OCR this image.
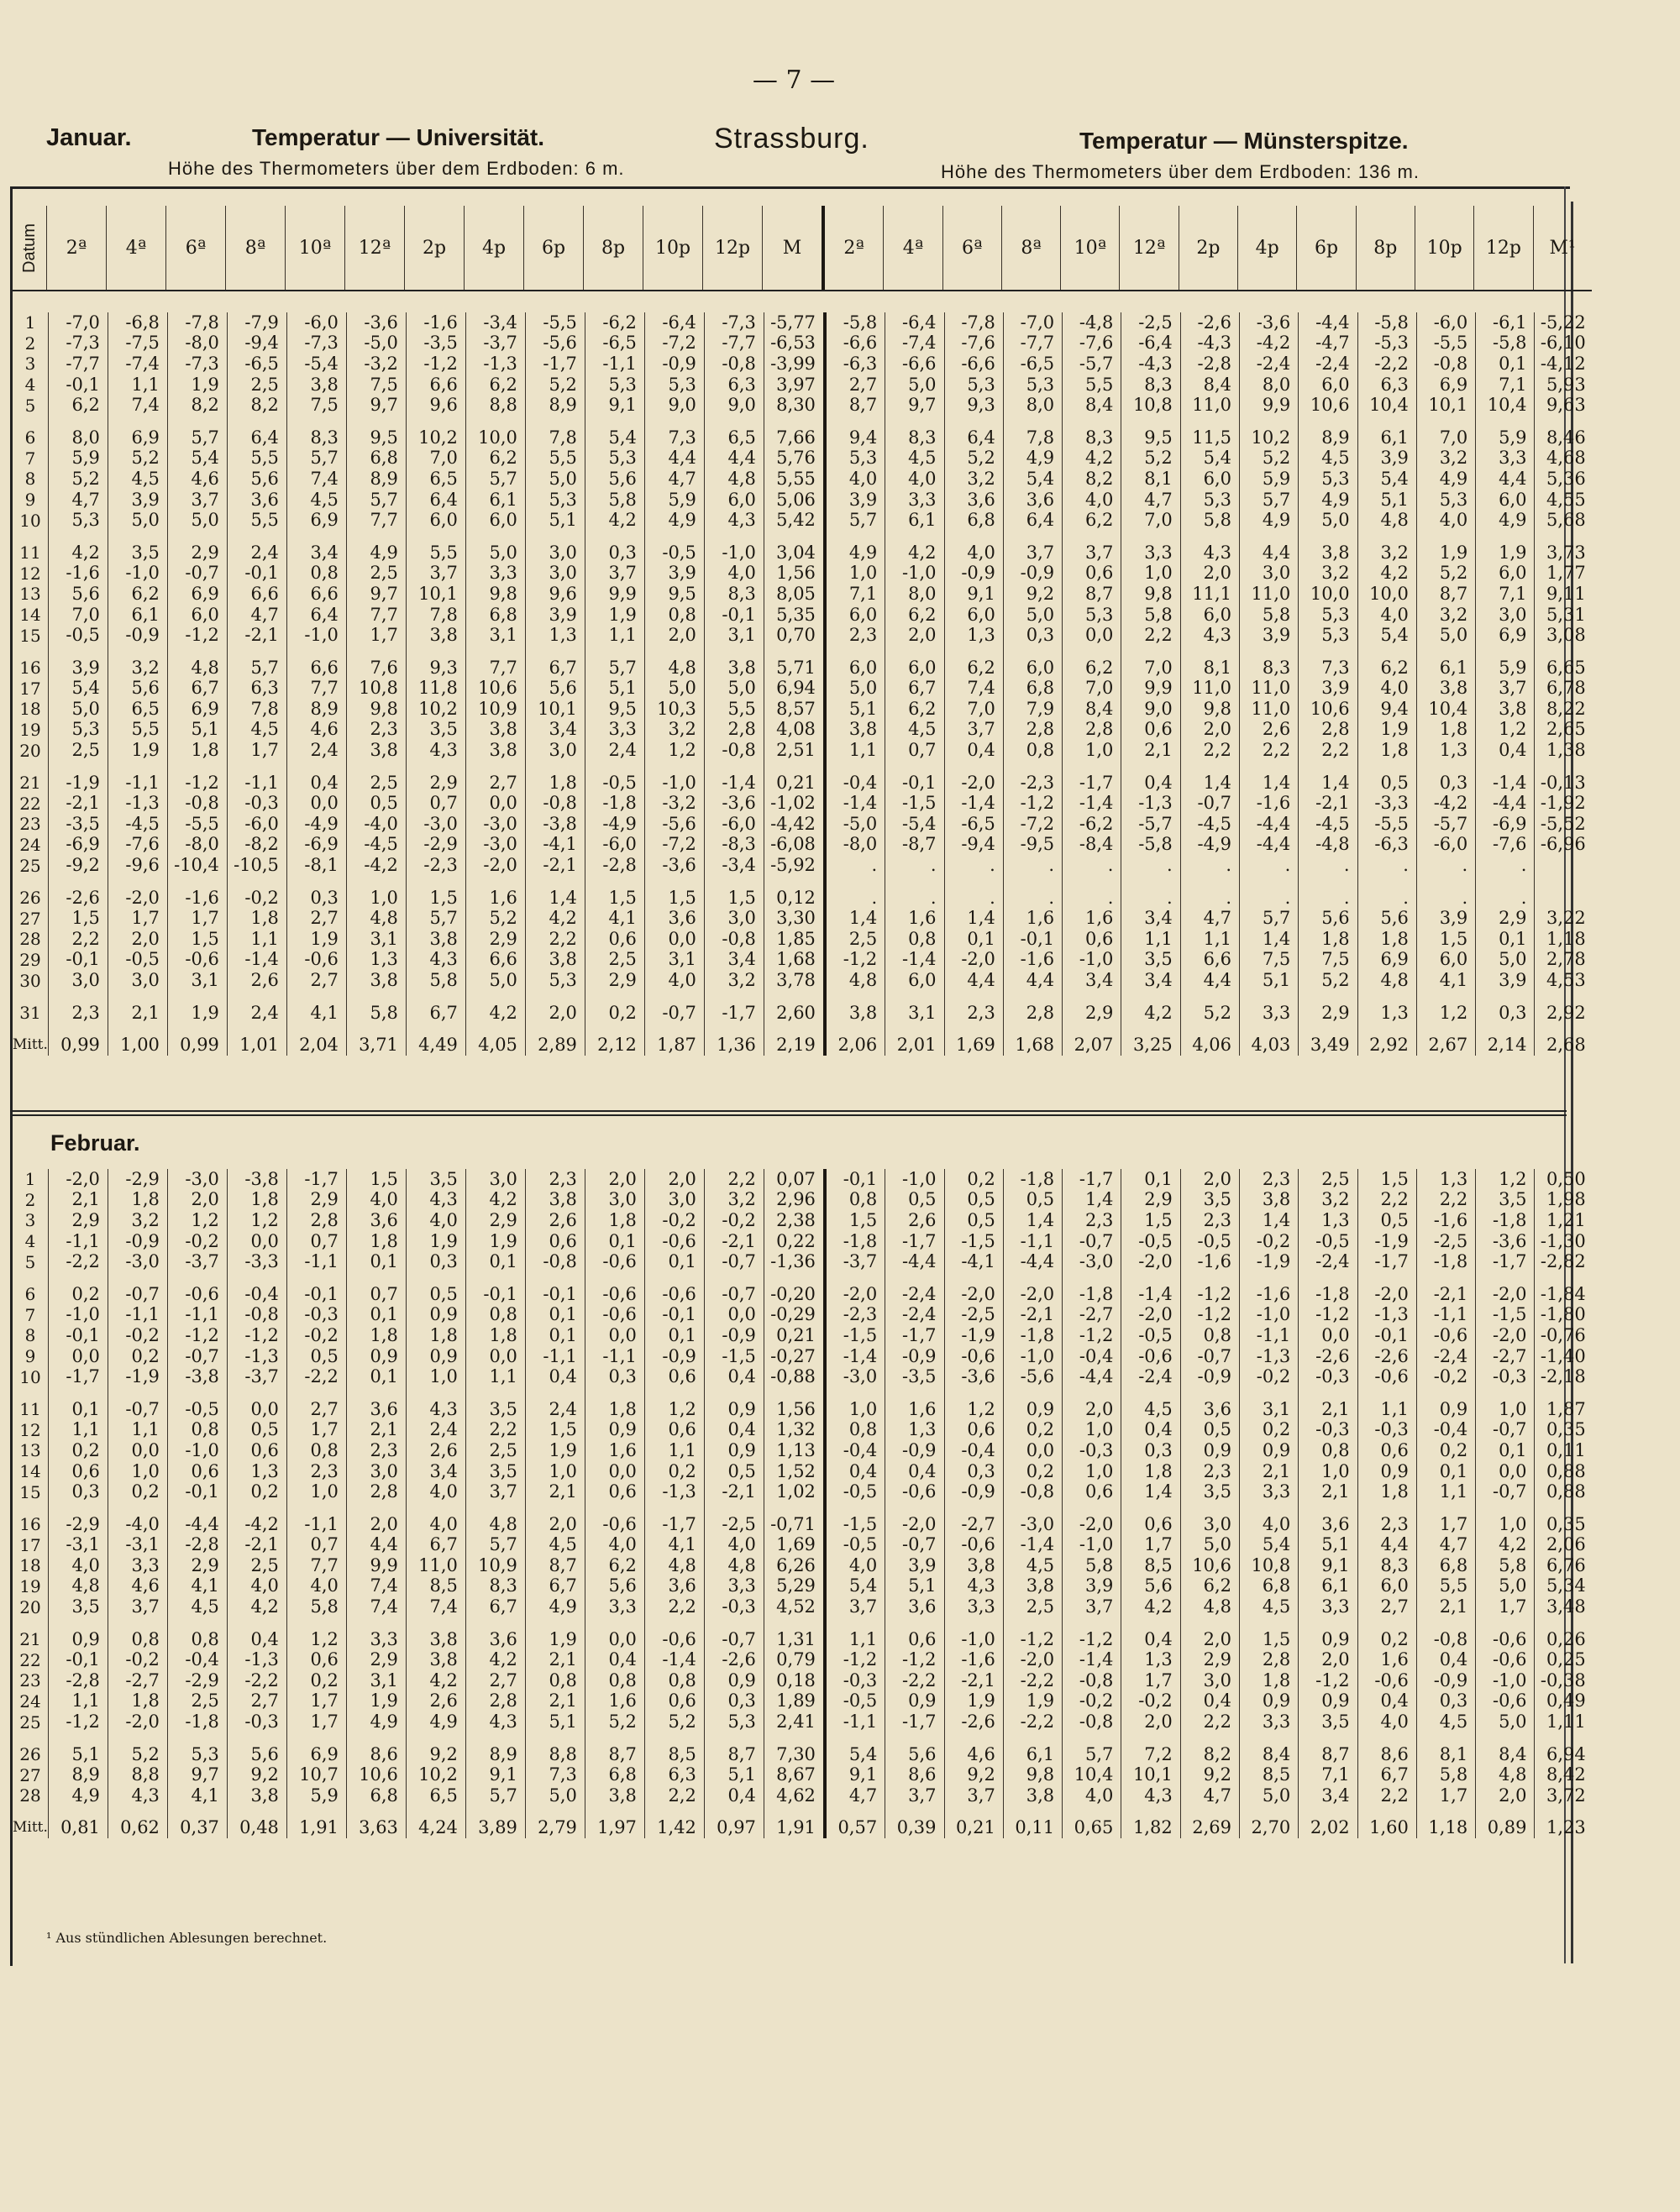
— 7 —
Januar.	Temperatur — Universität.	Strassburg.	Temperatur — Münsterspitze.
Höhe des Thermometers über dem Erdboden: 6 m.	Höhe des Thermometers über dem Erdboden: 136 m.
Datum	2ª	4ª	6ª	8ª	10ª	12ª	2p	4p	6p	8p	10p	12p	M	2ª	4ª	6ª	8ª	10ª	12ª	2p	4p	6p	8p	10p	12p	M¹
1	-7,0	-6,8	-7,8	-7,9	-6,0	-3,6	-1,6	-3,4	-5,5	-6,2	-6,4	-7,3	-5,77	-5,8	-6,4	-7,8	-7,0	-4,8	-2,5	-2,6	-3,6	-4,4	-5,8	-6,0	-6,1	-5,22
2	-7,3	-7,5	-8,0	-9,4	-7,3	-5,0	-3,5	-3,7	-5,6	-6,5	-7,2	-7,7	-6,53	-6,6	-7,4	-7,6	-7,7	-7,6	-6,4	-4,3	-4,2	-4,7	-5,3	-5,5	-5,8	-6,10
3	-7,7	-7,4	-7,3	-6,5	-5,4	-3,2	-1,2	-1,3	-1,7	-1,1	-0,9	-0,8	-3,99	-6,3	-6,6	-6,6	-6,5	-5,7	-4,3	-2,8	-2,4	-2,4	-2,2	-0,8	0,1	-4,12
4	-0,1	1,1	1,9	2,5	3,8	7,5	6,6	6,2	5,2	5,3	5,3	6,3	3,97	2,7	5,0	5,3	5,3	5,5	8,3	8,4	8,0	6,0	6,3	6,9	7,1	5,93
5	6,2	7,4	8,2	8,2	7,5	9,7	9,6	8,8	8,9	9,1	9,0	9,0	8,30	8,7	9,7	9,3	8,0	8,4	10,8	11,0	9,9	10,6	10,4	10,1	10,4	9,63
6	8,0	6,9	5,7	6,4	8,3	9,5	10,2	10,0	7,8	5,4	7,3	6,5	7,66	9,4	8,3	6,4	7,8	8,3	9,5	11,5	10,2	8,9	6,1	7,0	5,9	8,46
7	5,9	5,2	5,4	5,5	5,7	6,8	7,0	6,2	5,5	5,3	4,4	4,4	5,76	5,3	4,5	5,2	4,9	4,2	5,2	5,4	5,2	4,5	3,9	3,2	3,3	4,68
8	5,2	4,5	4,6	5,6	7,4	8,9	6,5	5,7	5,0	5,6	4,7	4,8	5,55	4,0	4,0	3,2	5,4	8,2	8,1	6,0	5,9	5,3	5,4	4,9	4,4	5,36
9	4,7	3,9	3,7	3,6	4,5	5,7	6,4	6,1	5,3	5,8	5,9	6,0	5,06	3,9	3,3	3,6	3,6	4,0	4,7	5,3	5,7	4,9	5,1	5,3	6,0	4,55
10	5,3	5,0	5,0	5,5	6,9	7,7	6,0	6,0	5,1	4,2	4,9	4,3	5,42	5,7	6,1	6,8	6,4	6,2	7,0	5,8	4,9	5,0	4,8	4,0	4,9	5,68
11	4,2	3,5	2,9	2,4	3,4	4,9	5,5	5,0	3,0	0,3	-0,5	-1,0	3,04	4,9	4,2	4,0	3,7	3,7	3,3	4,3	4,4	3,8	3,2	1,9	1,9	3,73
12	-1,6	-1,0	-0,7	-0,1	0,8	2,5	3,7	3,3	3,0	3,7	3,9	4,0	1,56	1,0	-1,0	-0,9	-0,9	0,6	1,0	2,0	3,0	3,2	4,2	5,2	6,0	1,77
13	5,6	6,2	6,9	6,6	6,6	9,7	10,1	9,8	9,6	9,9	9,5	8,3	8,05	7,1	8,0	9,1	9,2	8,7	9,8	11,1	11,0	10,0	10,0	8,7	7,1	9,11
14	7,0	6,1	6,0	4,7	6,4	7,7	7,8	6,8	3,9	1,9	0,8	-0,1	5,35	6,0	6,2	6,0	5,0	5,3	5,8	6,0	5,8	5,3	4,0	3,2	3,0	5,31
15	-0,5	-0,9	-1,2	-2,1	-1,0	1,7	3,8	3,1	1,3	1,1	2,0	3,1	0,70	2,3	2,0	1,3	0,3	0,0	2,2	4,3	3,9	5,3	5,4	5,0	6,9	3,08
16	3,9	3,2	4,8	5,7	6,6	7,6	9,3	7,7	6,7	5,7	4,8	3,8	5,71	6,0	6,0	6,2	6,0	6,2	7,0	8,1	8,3	7,3	6,2	6,1	5,9	6,65
17	5,4	5,6	6,7	6,3	7,7	10,8	11,8	10,6	5,6	5,1	5,0	5,0	6,94	5,0	6,7	7,4	6,8	7,0	9,9	11,0	11,0	3,9	4,0	3,8	3,7	6,78
18	5,0	6,5	6,9	7,8	8,9	9,8	10,2	10,9	10,1	9,5	10,3	5,5	8,57	5,1	6,2	7,0	7,9	8,4	9,0	9,8	11,0	10,6	9,4	10,4	3,8	8,22
19	5,3	5,5	5,1	4,5	4,6	2,3	3,5	3,8	3,4	3,3	3,2	2,8	4,08	3,8	4,5	3,7	2,8	2,8	0,6	2,0	2,6	2,8	1,9	1,8	1,2	2,65
20	2,5	1,9	1,8	1,7	2,4	3,8	4,3	3,8	3,0	2,4	1,2	-0,8	2,51	1,1	0,7	0,4	0,8	1,0	2,1	2,2	2,2	2,2	1,8	1,3	0,4	1,38
21	-1,9	-1,1	-1,2	-1,1	0,4	2,5	2,9	2,7	1,8	-0,5	-1,0	-1,4	0,21	-0,4	-0,1	-2,0	-2,3	-1,7	0,4	1,4	1,4	1,4	0,5	0,3	-1,4	-0,13
22	-2,1	-1,3	-0,8	-0,3	0,0	0,5	0,7	0,0	-0,8	-1,8	-3,2	-3,6	-1,02	-1,4	-1,5	-1,4	-1,2	-1,4	-1,3	-0,7	-1,6	-2,1	-3,3	-4,2	-4,4	-1,92
23	-3,5	-4,5	-5,5	-6,0	-4,9	-4,0	-3,0	-3,0	-3,8	-4,9	-5,6	-6,0	-4,42	-5,0	-5,4	-6,5	-7,2	-6,2	-5,7	-4,5	-4,4	-4,5	-5,5	-5,7	-6,9	-5,52
24	-6,9	-7,6	-8,0	-8,2	-6,9	-4,5	-2,9	-3,0	-4,1	-6,0	-7,2	-8,3	-6,08	-8,0	-8,7	-9,4	-9,5	-8,4	-5,8	-4,9	-4,4	-4,8	-6,3	-6,0	-7,6	-6,96
25	-9,2	-9,6	-10,4	-10,5	-8,1	-4,2	-2,3	-2,0	-2,1	-2,8	-3,6	-3,4	-5,92	.	.	.	.	.	.	.	.	.	.	.	.	
26	-2,6	-2,0	-1,6	-0,2	0,3	1,0	1,5	1,6	1,4	1,5	1,5	1,5	0,12	.	.	.	.	.	.	.	.	.	.	.	.	
27	1,5	1,7	1,7	1,8	2,7	4,8	5,7	5,2	4,2	4,1	3,6	3,0	3,30	1,4	1,6	1,4	1,6	1,6	3,4	4,7	5,7	5,6	5,6	3,9	2,9	3,22
28	2,2	2,0	1,5	1,1	1,9	3,1	3,8	2,9	2,2	0,6	0,0	-0,8	1,85	2,5	0,8	0,1	-0,1	0,6	1,1	1,1	1,4	1,8	1,8	1,5	0,1	1,18
29	-0,1	-0,5	-0,6	-1,4	-0,6	1,3	4,3	6,6	3,8	2,5	3,1	3,4	1,68	-1,2	-1,4	-2,0	-1,6	-1,0	3,5	6,6	7,5	7,5	6,9	6,0	5,0	2,78
30	3,0	3,0	3,1	2,6	2,7	3,8	5,8	5,0	5,3	2,9	4,0	3,2	3,78	4,8	6,0	4,4	4,4	3,4	3,4	4,4	5,1	5,2	4,8	4,1	3,9	4,53
31	2,3	2,1	1,9	2,4	4,1	5,8	6,7	4,2	2,0	0,2	-0,7	-1,7	2,60	3,8	3,1	2,3	2,8	2,9	4,2	5,2	3,3	2,9	1,3	1,2	0,3	2,92
Mitt.	0,99	1,00	0,99	1,01	2,04	3,71	4,49	4,05	2,89	2,12	1,87	1,36	2,19	2,06	2,01	1,69	1,68	2,07	3,25	4,06	4,03	3,49	2,92	2,67	2,14	2,68
Februar.
1	-2,0	-2,9	-3,0	-3,8	-1,7	1,5	3,5	3,0	2,3	2,0	2,0	2,2	0,07	-0,1	-1,0	0,2	-1,8	-1,7	0,1	2,0	2,3	2,5	1,5	1,3	1,2	0,50
2	2,1	1,8	2,0	1,8	2,9	4,0	4,3	4,2	3,8	3,0	3,0	3,2	2,96	0,8	0,5	0,5	0,5	1,4	2,9	3,5	3,8	3,2	2,2	2,2	3,5	1,98
3	2,9	3,2	1,2	1,2	2,8	3,6	4,0	2,9	2,6	1,8	-0,2	-0,2	2,38	1,5	2,6	0,5	1,4	2,3	1,5	2,3	1,4	1,3	0,5	-1,6	-1,8	1,21
4	-1,1	-0,9	-0,2	0,0	0,7	1,8	1,9	1,9	0,6	0,1	-0,6	-2,1	0,22	-1,8	-1,7	-1,5	-1,1	-0,7	-0,5	-0,5	-0,2	-0,5	-1,9	-2,5	-3,6	-1,30
5	-2,2	-3,0	-3,7	-3,3	-1,1	0,1	0,3	0,1	-0,8	-0,6	0,1	-0,7	-1,36	-3,7	-4,4	-4,1	-4,4	-3,0	-2,0	-1,6	-1,9	-2,4	-1,7	-1,8	-1,7	-2,82
6	0,2	-0,7	-0,6	-0,4	-0,1	0,7	0,5	-0,1	-0,1	-0,6	-0,6	-0,7	-0,20	-2,0	-2,4	-2,0	-2,0	-1,8	-1,4	-1,2	-1,6	-1,8	-2,0	-2,1	-2,0	-1,84
7	-1,0	-1,1	-1,1	-0,8	-0,3	0,1	0,9	0,8	0,1	-0,6	-0,1	0,0	-0,29	-2,3	-2,4	-2,5	-2,1	-2,7	-2,0	-1,2	-1,0	-1,2	-1,3	-1,1	-1,5	-1,80
8	-0,1	-0,2	-1,2	-1,2	-0,2	1,8	1,8	1,8	0,1	0,0	0,1	-0,9	0,21	-1,5	-1,7	-1,9	-1,8	-1,2	-0,5	0,8	-1,1	0,0	-0,1	-0,6	-2,0	-0,76
9	0,0	0,2	-0,7	-1,3	0,5	0,9	0,9	0,0	-1,1	-1,1	-0,9	-1,5	-0,27	-1,4	-0,9	-0,6	-1,0	-0,4	-0,6	-0,7	-1,3	-2,6	-2,6	-2,4	-2,7	-1,40
10	-1,7	-1,9	-3,8	-3,7	-2,2	0,1	1,0	1,1	0,4	0,3	0,6	0,4	-0,88	-3,0	-3,5	-3,6	-5,6	-4,4	-2,4	-0,9	-0,2	-0,3	-0,6	-0,2	-0,3	-2,18
11	0,1	-0,7	-0,5	0,0	2,7	3,6	4,3	3,5	2,4	1,8	1,2	0,9	1,56	1,0	1,6	1,2	0,9	2,0	4,5	3,6	3,1	2,1	1,1	0,9	1,0	1,87
12	1,1	1,1	0,8	0,5	1,7	2,1	2,4	2,2	1,5	0,9	0,6	0,4	1,32	0,8	1,3	0,6	0,2	1,0	0,4	0,5	0,2	-0,3	-0,3	-0,4	-0,7	0,35
13	0,2	0,0	-1,0	0,6	0,8	2,3	2,6	2,5	1,9	1,6	1,1	0,9	1,13	-0,4	-0,9	-0,4	0,0	-0,3	0,3	0,9	0,9	0,8	0,6	0,2	0,1	0,11
14	0,6	1,0	0,6	1,3	2,3	3,0	3,4	3,5	1,0	0,0	0,2	0,5	1,52	0,4	0,4	0,3	0,2	1,0	1,8	2,3	2,1	1,0	0,9	0,1	0,0	0,88
15	0,3	0,2	-0,1	0,2	1,0	2,8	4,0	3,7	2,1	0,6	-1,3	-2,1	1,02	-0,5	-0,6	-0,9	-0,8	0,6	1,4	3,5	3,3	2,1	1,8	1,1	-0,7	0,88
16	-2,9	-4,0	-4,4	-4,2	-1,1	2,0	4,0	4,8	2,0	-0,6	-1,7	-2,5	-0,71	-1,5	-2,0	-2,7	-3,0	-2,0	0,6	3,0	4,0	3,6	2,3	1,7	1,0	0,35
17	-3,1	-3,1	-2,8	-2,1	0,7	4,4	6,7	5,7	4,5	4,0	4,1	4,0	1,69	-0,5	-0,7	-0,6	-1,4	-1,0	1,7	5,0	5,4	5,1	4,4	4,7	4,2	2,06
18	4,0	3,3	2,9	2,5	7,7	9,9	11,0	10,9	8,7	6,2	4,8	4,8	6,26	4,0	3,9	3,8	4,5	5,8	8,5	10,6	10,8	9,1	8,3	6,8	5,8	6,76
19	4,8	4,6	4,1	4,0	4,0	7,4	8,5	8,3	6,7	5,6	3,6	3,3	5,29	5,4	5,1	4,3	3,8	3,9	5,6	6,2	6,8	6,1	6,0	5,5	5,0	5,34
20	3,5	3,7	4,5	4,2	5,8	7,4	7,4	6,7	4,9	3,3	2,2	-0,3	4,52	3,7	3,6	3,3	2,5	3,7	4,2	4,8	4,5	3,3	2,7	2,1	1,7	3,48
21	0,9	0,8	0,8	0,4	1,2	3,3	3,8	3,6	1,9	0,0	-0,6	-0,7	1,31	1,1	0,6	-1,0	-1,2	-1,2	0,4	2,0	1,5	0,9	0,2	-0,8	-0,6	0,26
22	-0,1	-0,2	-0,4	-1,3	0,6	2,9	3,8	4,2	2,1	0,4	-1,4	-2,6	0,79	-1,2	-1,2	-1,6	-2,0	-1,4	1,3	2,9	2,8	2,0	1,6	0,4	-0,6	0,25
23	-2,8	-2,7	-2,9	-2,2	0,2	3,1	4,2	2,7	0,8	0,8	0,8	0,9	0,18	-0,3	-2,2	-2,1	-2,2	-0,8	1,7	3,0	1,8	-1,2	-0,6	-0,9	-1,0	-0,38
24	1,1	1,8	2,5	2,7	1,7	1,9	2,6	2,8	2,1	1,6	0,6	0,3	1,89	-0,5	0,9	1,9	1,9	-0,2	-0,2	0,4	0,9	0,9	0,4	0,3	-0,6	0,49
25	-1,2	-2,0	-1,8	-0,3	1,7	4,9	4,9	4,3	5,1	5,2	5,2	5,3	2,41	-1,1	-1,7	-2,6	-2,2	-0,8	2,0	2,2	3,3	3,5	4,0	4,5	5,0	1,11
26	5,1	5,2	5,3	5,6	6,9	8,6	9,2	8,9	8,8	8,7	8,5	8,7	7,30	5,4	5,6	4,6	6,1	5,7	7,2	8,2	8,4	8,7	8,6	8,1	8,4	6,94
27	8,9	8,8	9,7	9,2	10,7	10,6	10,2	9,1	7,3	6,8	6,3	5,1	8,67	9,1	8,6	9,2	9,8	10,4	10,1	9,2	8,5	7,1	6,7	5,8	4,8	8,42
28	4,9	4,3	4,1	3,8	5,9	6,8	6,5	5,7	5,0	3,8	2,2	0,4	4,62	4,7	3,7	3,7	3,8	4,0	4,3	4,7	5,0	3,4	2,2	1,7	2,0	3,72
Mitt.	0,81	0,62	0,37	0,48	1,91	3,63	4,24	3,89	2,79	1,97	1,42	0,97	1,91	0,57	0,39	0,21	0,11	0,65	1,82	2,69	2,70	2,02	1,60	1,18	0,89	1,23
¹ Aus stündlichen Ablesungen berechnet.
